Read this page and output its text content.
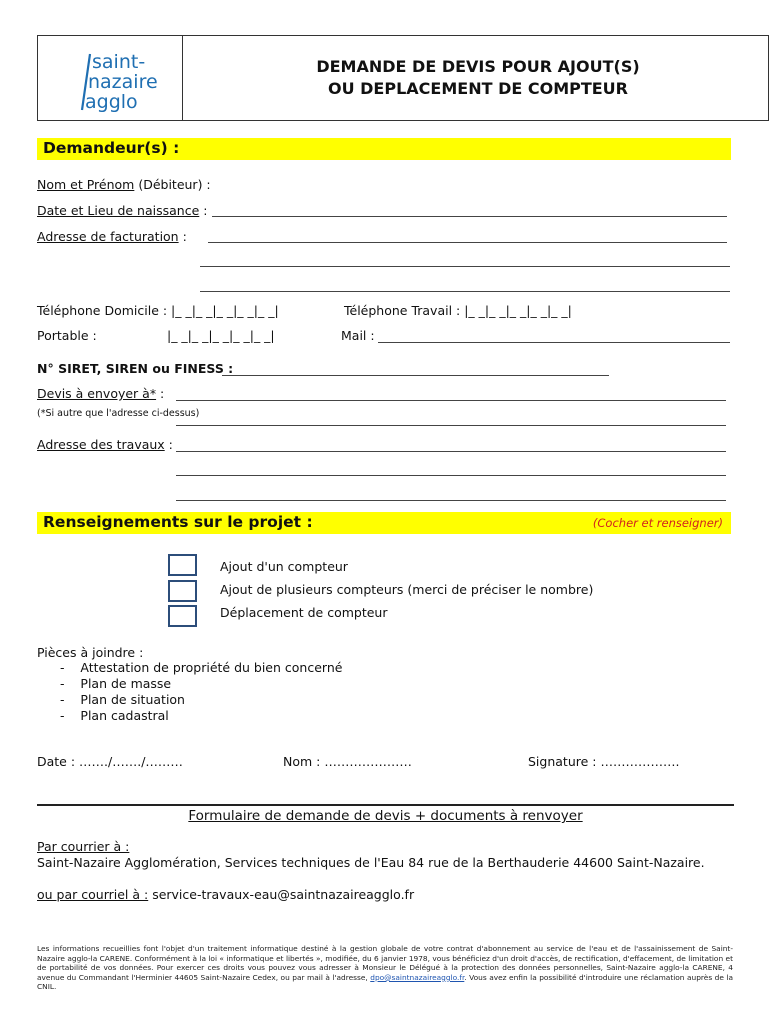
saint-
nazaire
agglo
DEMANDE DE DEVIS POUR AJOUT(S)
OU DEPLACEMENT DE COMPTEUR
Demandeur(s) :
Nom et Prénom (Débiteur) :
Date et Lieu de naissance :
Adresse de facturation :
Téléphone Domicile : |_ _|_ _|_ _|_ _|_ _|	Téléphone Travail : |_ _|_ _|_ _|_ _|_ _|
Portable :	|_ _|_ _|_ _|_ _|_ _|	Mail :
N° SIRET, SIREN ou FINESS :
Devis à envoyer à* :
(*Si autre que l'adresse ci-dessus)
Adresse des travaux :
Renseignements sur le projet :	(Cocher et renseigner)
Ajout d'un compteur
Ajout de plusieurs compteurs (merci de préciser le nombre)
Déplacement de compteur
Pièces à joindre :
-    Attestation de propriété du bien concerné
-    Plan de masse
-    Plan de situation
-    Plan cadastral
Date : ……./……./………	Nom : …………………	Signature : ……………….
Formulaire de demande de devis + documents à renvoyer
Par courrier à :
Saint-Nazaire Agglomération, Services techniques de l'Eau 84 rue de la Berthauderie 44600 Saint-Nazaire.
ou par courriel à : service-travaux-eau@saintnazaireagglo.fr
Les informations recueillies font l'objet d'un traitement informatique destiné à la gestion globale de votre contrat d'abonnement au service de l'eau et de l'assainissement de Saint-Nazaire agglo-la CARENE. Conformément à la loi « informatique et libertés », modifiée, du 6 janvier 1978, vous bénéficiez d'un droit d'accès, de rectification, d'effacement, de limitation et de portabilité de vos données. Pour exercer ces droits vous pouvez vous adresser à Monsieur le Délégué à la protection des données personnelles, Saint-Nazaire agglo-la CARENE, 4 avenue du Commandant l'Herminier 44605 Saint-Nazaire Cedex, ou par mail à l'adresse, dpo@saintnazaireagglo.fr. Vous avez enfin la possibilité d'introduire une réclamation auprès de la CNIL.
